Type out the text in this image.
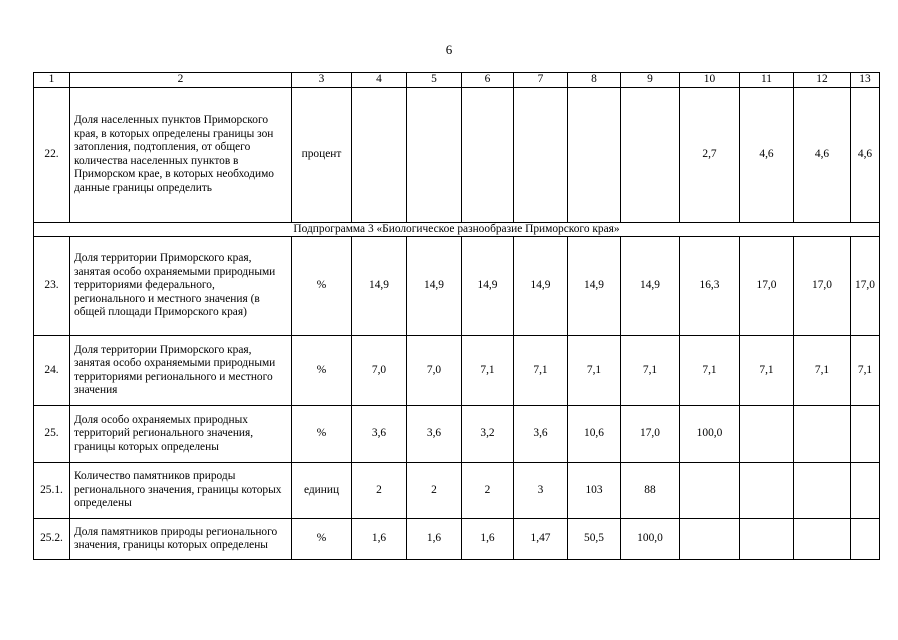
6
1	2	3	4	5	6	7	8	9	10	11	12	13
22.	Доля населенных пунктов Приморского края, в которых определены границы зон затопления, подтопления, от общего количества населенных пунктов в Приморском крае, в которых необходимо данные границы определить	процент							2,7	4,6	4,6	4,6
Подпрограмма 3 «Биологическое разнообразие Приморского края»												
23.	Доля территории Приморского края, занятая особо охраняемыми природными территориями федерального, регионального и местного значения (в общей площади Приморского края)	%	14,9	14,9	14,9	14,9	14,9	14,9	16,3	17,0	17,0	17,0
24.	Доля территории Приморского края, занятая особо охраняемыми природными территориями регионального и местного значения	%	7,0	7,0	7,1	7,1	7,1	7,1	7,1	7,1	7,1	7,1
25.	Доля особо охраняемых природных территорий регионального значения, границы которых определены	%	3,6	3,6	3,2	3,6	10,6	17,0	100,0			
25.1.	Количество памятников природы регионального значения, границы которых определены	единиц	2	2	2	3	103	88				
25.2.	Доля памятников природы регионального значения, границы которых определены	%	1,6	1,6	1,6	1,47	50,5	100,0				
